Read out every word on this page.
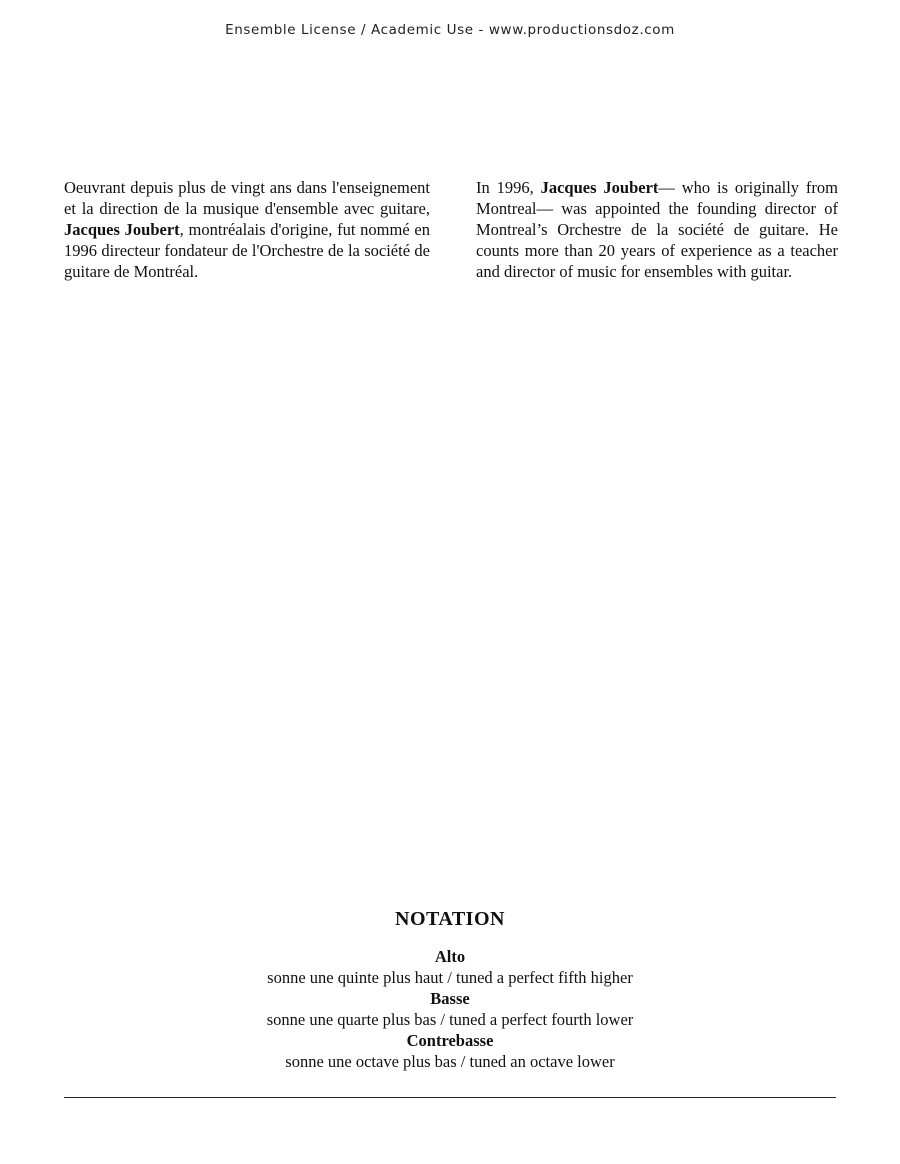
Ensemble License / Academic Use - www.productionsdoz.com
Oeuvrant depuis plus de vingt ans dans l'enseignement et la direction de la musique d'ensemble avec guitare, Jacques Joubert, montréalais d'origine, fut nommé en 1996 directeur fondateur de l'Orchestre de la société de guitare de Montréal.
In 1996, Jacques Joubert— who is originally from Montreal— was appointed the founding director of Montreal’s Orchestre de la société de guitare. He counts more than 20 years of experience as a teacher and director of music for ensembles with guitar.
NOTATION
Alto
sonne une quinte plus haut / tuned a perfect fifth higher
Basse
sonne une quarte plus bas / tuned a perfect fourth lower
Contrebasse
sonne une octave plus bas / tuned an octave lower
